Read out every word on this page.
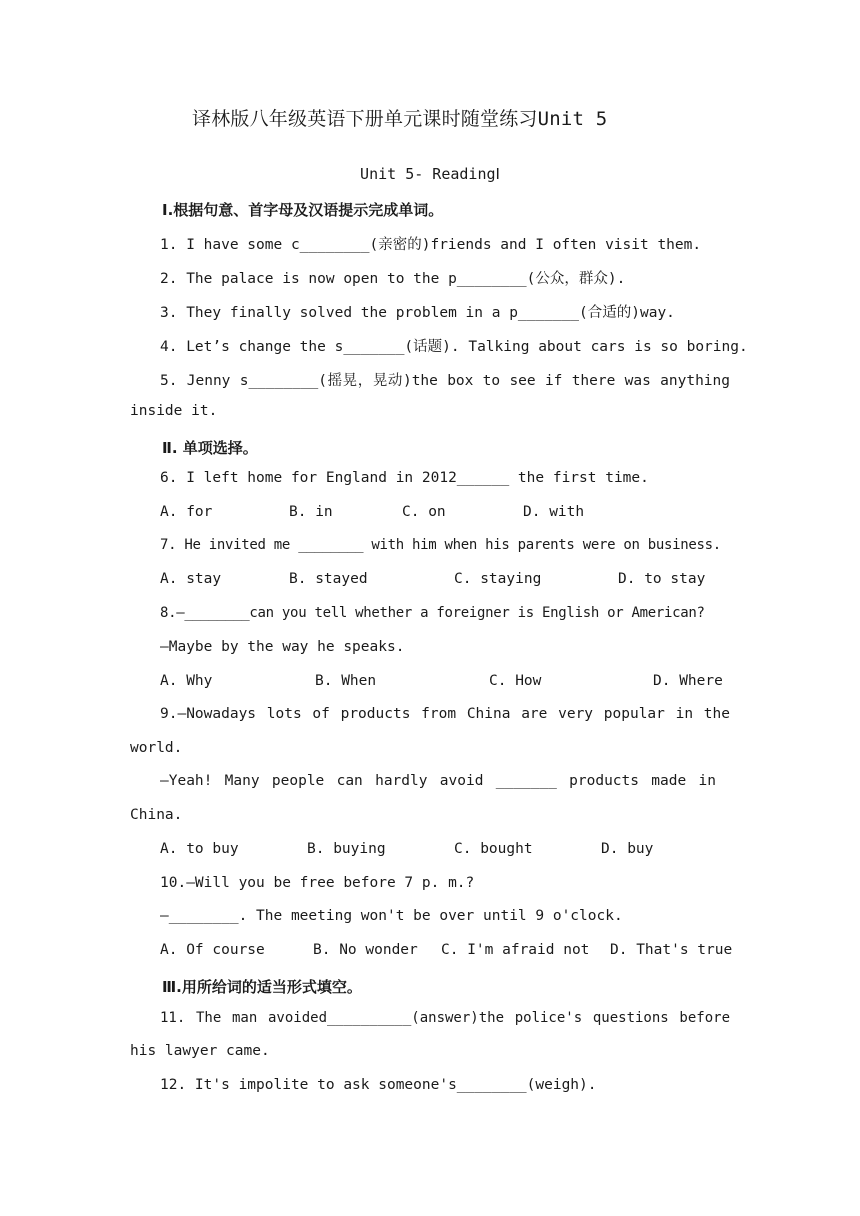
译林版八年级英语下册单元课时随堂练习Unit 5
Unit 5- ReadingⅠ
Ⅰ.根据句意、首字母及汉语提示完成单词。
1. I have some c________(亲密的)friends and I often visit them.
2. The palace is now open to the p________(公众，群众).
3. They finally solved the problem in a p_______(合适的)way.
4. Let’s change the s_______(话题). Talking about cars is so boring.
5. Jenny s________(摇晃，晃动)the box to see if there was anything
inside it.
Ⅱ. 单项选择。
6. I left home for England in 2012______ the first time.
A. for	B. in	C. on	D. with
7. He invited me ________ with him when his parents were on business.
A. stay	B. stayed	C. staying	D. to stay
8.—________can you tell whether a foreigner is English or American?
—Maybe by the way he speaks.
A. Why	B. When	C. How	D. Where
9.—Nowadays lots of products from China are very popular in the
world.
—Yeah! Many people can hardly avoid _______ products made in
China.
A. to buy	B. buying	C. bought	D. buy
10.—Will you be free before 7 p. m.?
—________. The meeting won't be over until 9 o'clock.
A. Of course	B. No wonder C. I'm afraid not D. That's true
Ⅲ.用所给词的适当形式填空。
11. The man avoided__________(answer)the police's questions before
his lawyer came.
12. It's impolite to ask someone's________(weigh).
